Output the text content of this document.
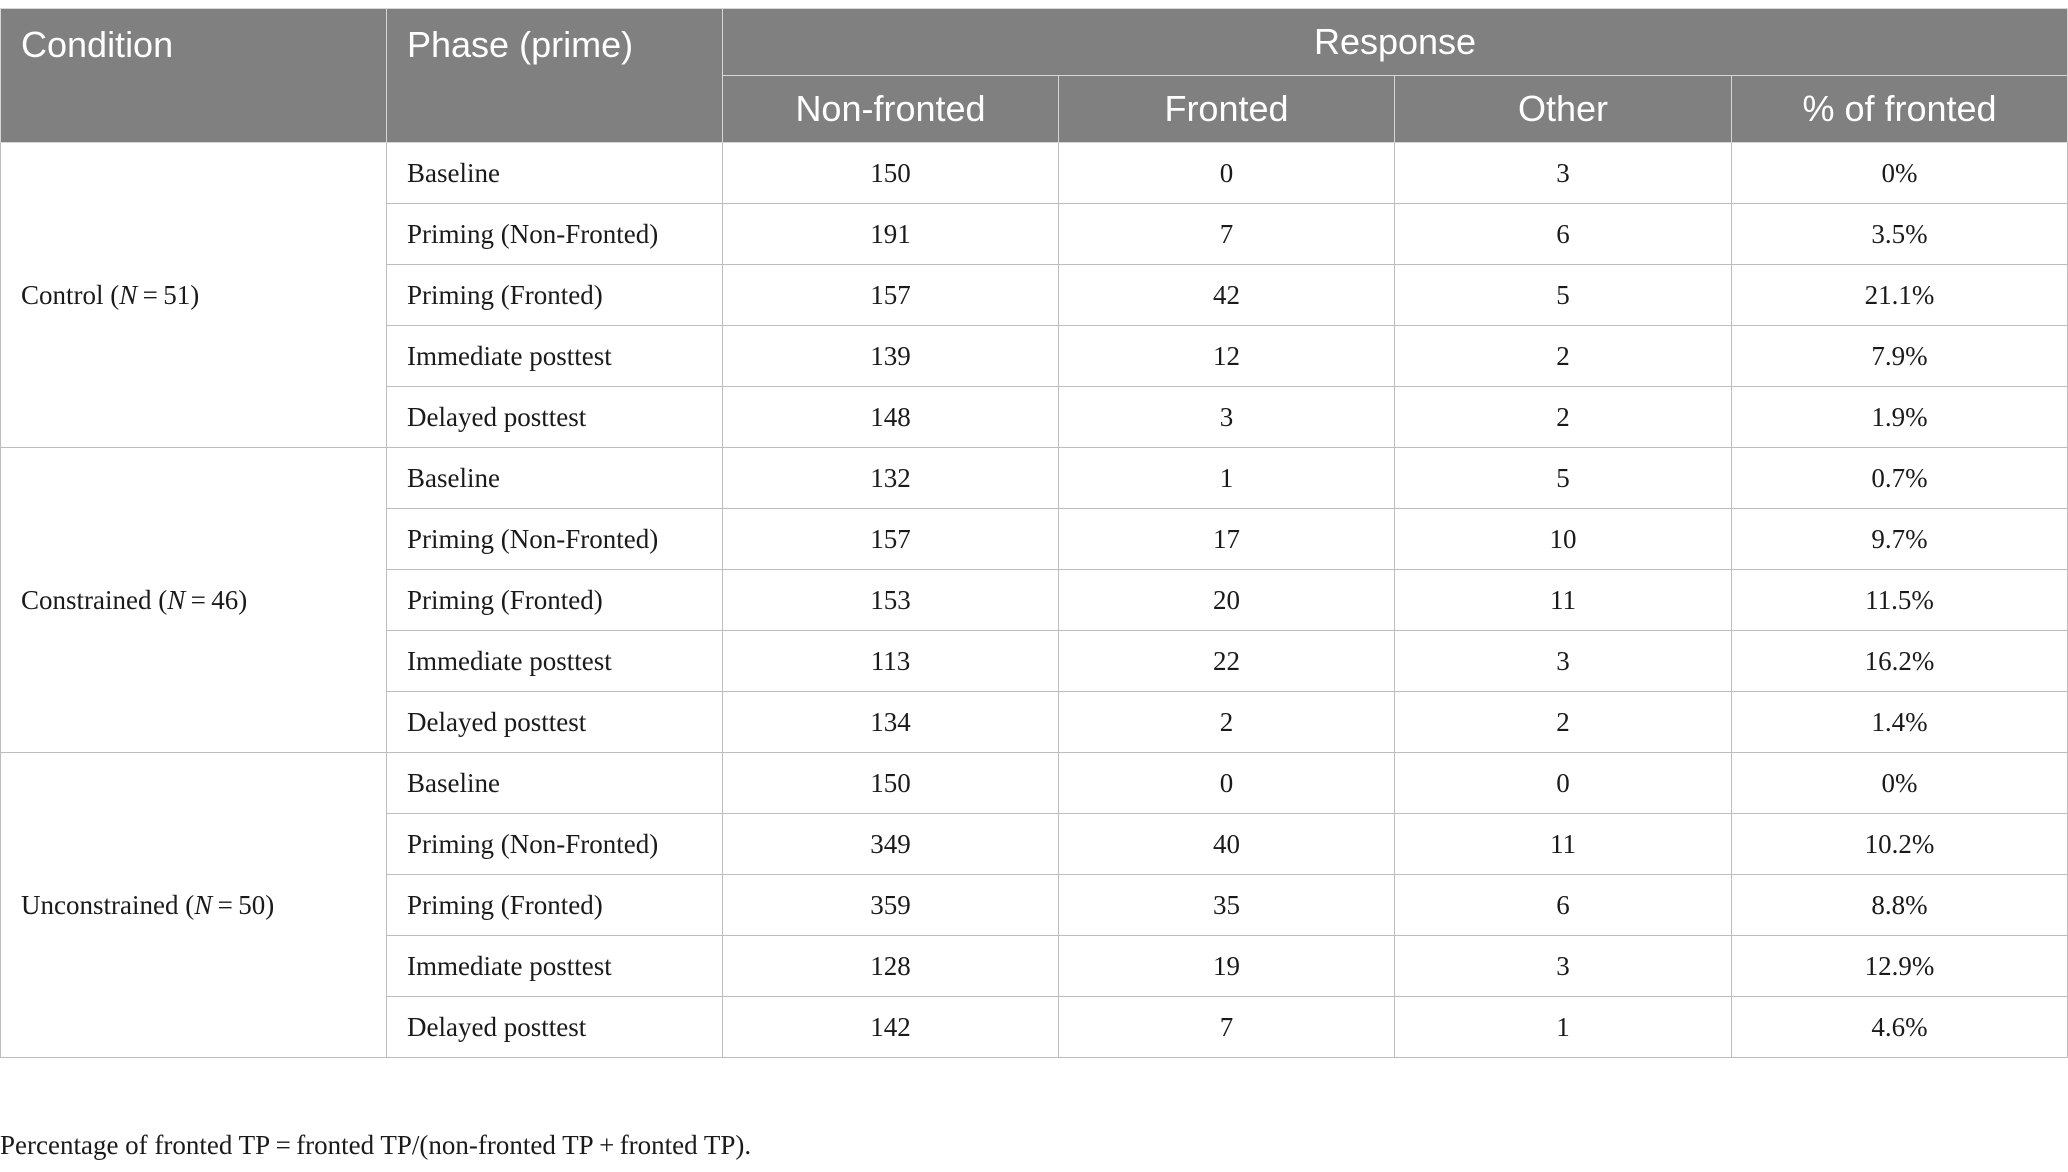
Condition	Phase (prime)	Response			
		Non-fronted	Fronted	Other	% of fronted
Control (N = 51)	Baseline	150	0	3	0%
	Priming (Non-Fronted)	191	7	6	3.5%
	Priming (Fronted)	157	42	5	21.1%
	Immediate posttest	139	12	2	7.9%
	Delayed posttest	148	3	2	1.9%
Constrained (N = 46)	Baseline	132	1	5	0.7%
	Priming (Non-Fronted)	157	17	10	9.7%
	Priming (Fronted)	153	20	11	11.5%
	Immediate posttest	113	22	3	16.2%
	Delayed posttest	134	2	2	1.4%
Unconstrained (N = 50)	Baseline	150	0	0	0%
	Priming (Non-Fronted)	349	40	11	10.2%
	Priming (Fronted)	359	35	6	8.8%
	Immediate posttest	128	19	3	12.9%
	Delayed posttest	142	7	1	4.6%
Percentage of fronted TP = fronted TP/(non-fronted TP + fronted TP).
